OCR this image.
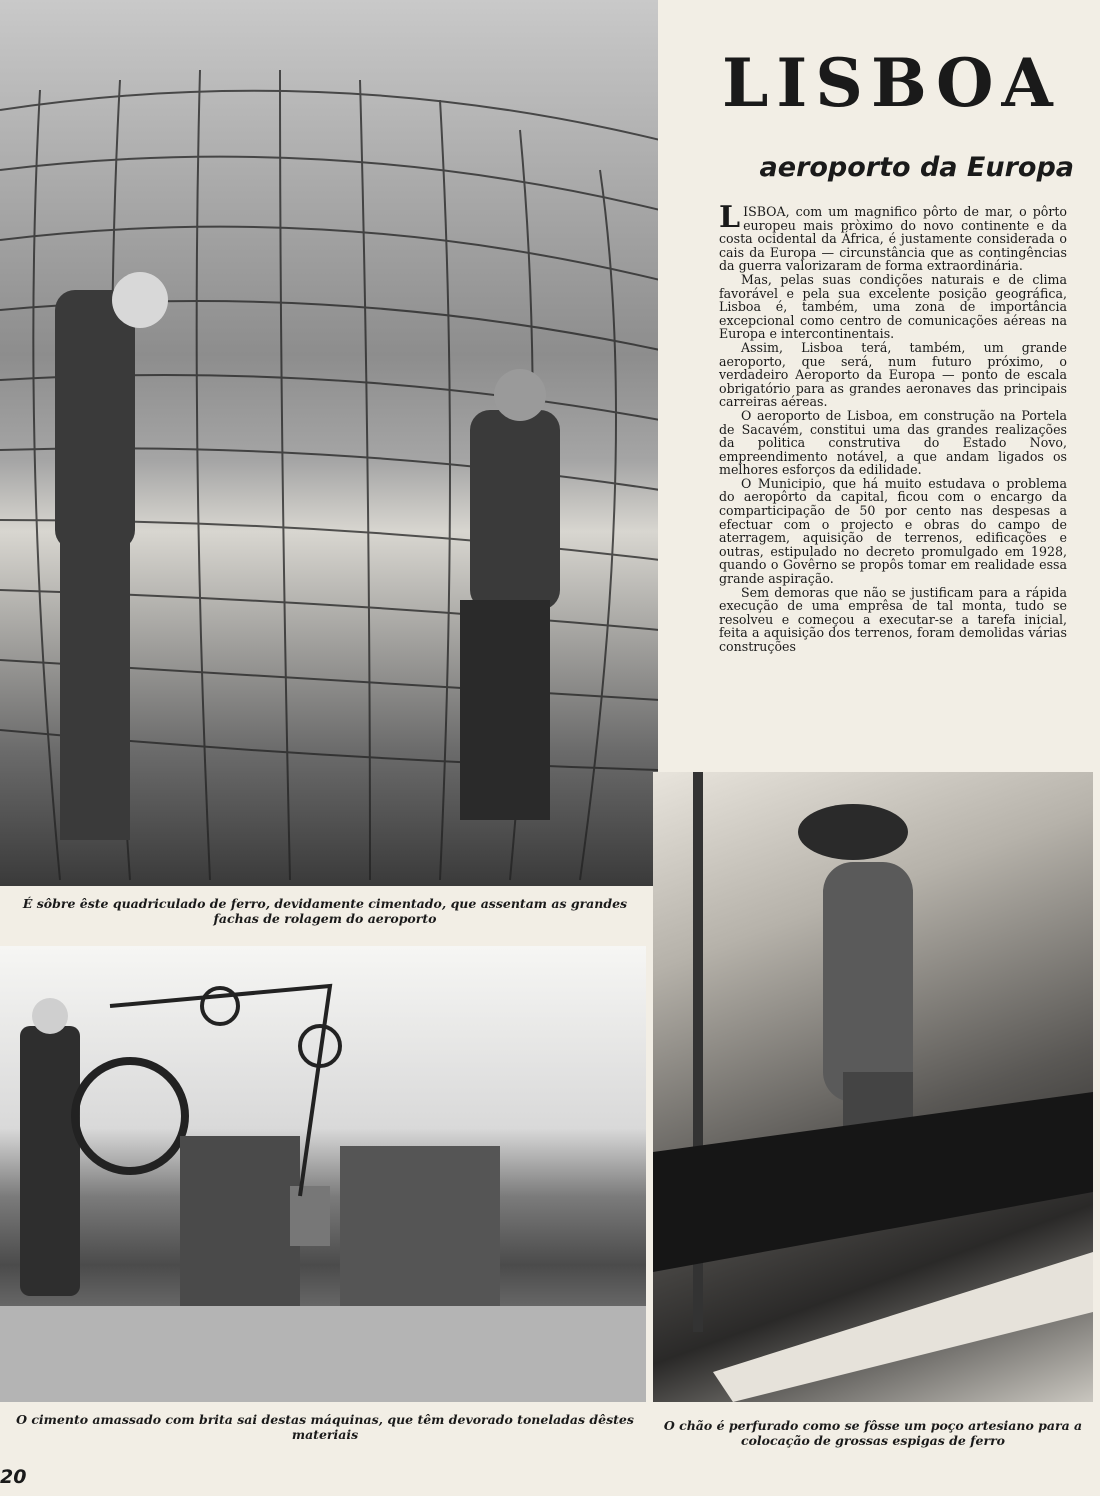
É sôbre êste quadriculado de ferro, devidamente cimentado, que assentam as grandes fachas de rolagem do aeroporto
LISBOA
aeroporto da Europa

LISBOA, com um magnifico pôrto de mar, o pôrto europeu mais pròximo do novo continente e da costa ocidental da África, é justamente considerada o cais da Europa — circunstância que as contingências da guerra valorizaram de forma extraordinária.

Mas, pelas suas condições naturais e de clima favorável e pela sua excelente posição geográfica, Lisboa é, também, uma zona de importância excepcional como centro de comunicações aéreas na Europa e intercontinentais.

Assim, Lisboa terá, também, um grande aeroporto, que será, num futuro próximo, o verdadeiro Aeroporto da Europa — ponto de escala obrigatório para as grandes aeronaves das principais carreiras aéreas.

O aeroporto de Lisboa, em construção na Portela de Sacavém, constitui uma das grandes realizações da politica construtiva do Estado Novo, empreendimento notável, a que andam ligados os melhores esforços da edilidade.

O Municipio, que há muito estudava o problema do aeropôrto da capital, ficou com o encargo da comparticipação de 50 por cento nas despesas a efectuar com o projecto e obras do campo de aterragem, aquisição de terrenos, edificações e outras, estipulado no decreto promulgado em 1928, quando o Govêrno se propôs tomar em realidade essa grande aspiração.

Sem demoras que não se justificam para a rápida execução de uma emprêsa de tal monta, tudo se resolveu e começou a executar-se a tarefa inicial, feita a aquisição dos terrenos, foram demolidas várias construções

O cimento amassado com brita sai destas máquinas, que têm devorado toneladas dêstes materiais
O chão é perfurado como se fôsse um poço artesiano para a colocação de grossas espigas de ferro
20
